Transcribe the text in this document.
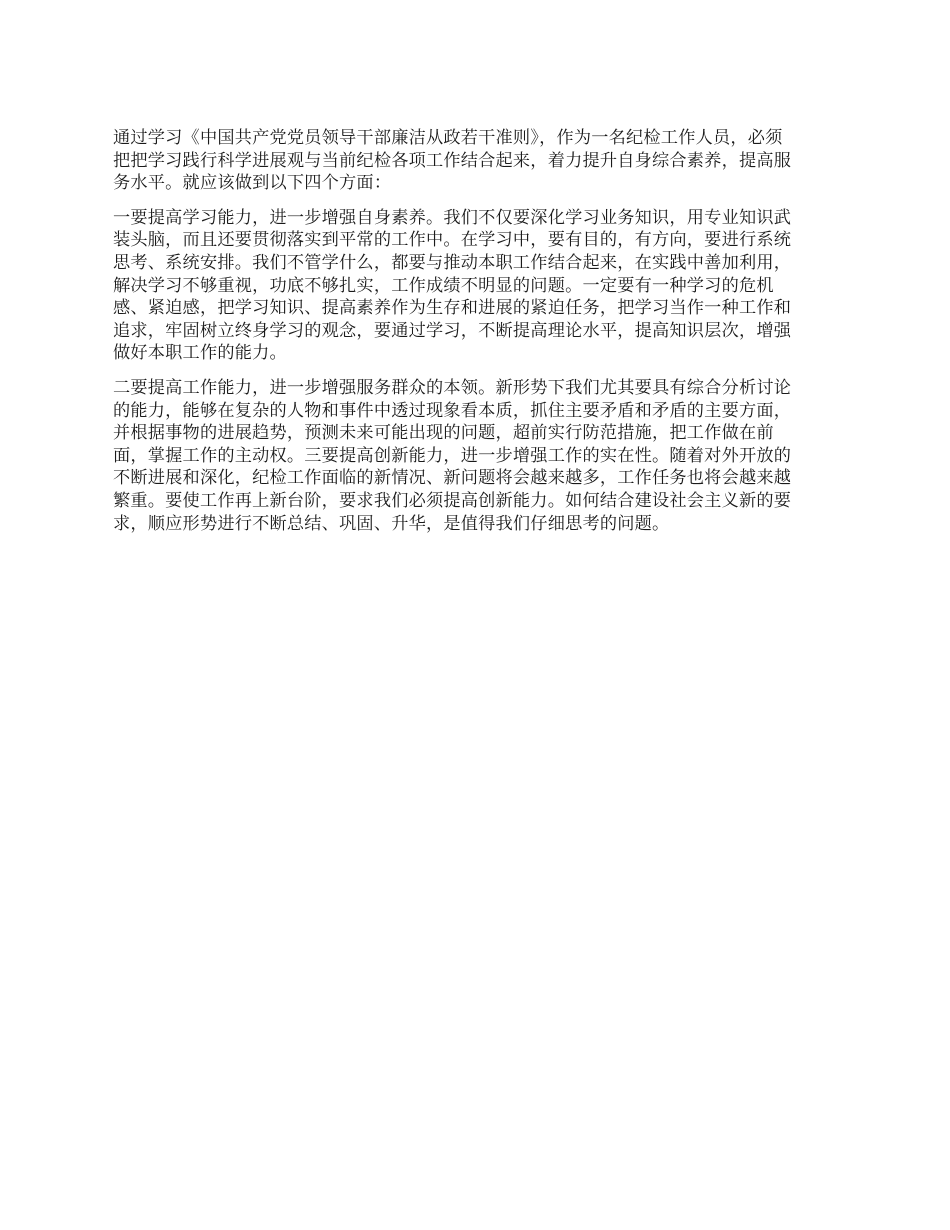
通过学习《中国共产党党员领导干部廉洁从政若干准则》，作为一名纪检工作人员，必须
把把学习践行科学进展观与当前纪检各项工作结合起来，着力提升自身综合素养，提高服
务水平。就应该做到以下四个方面：

一要提高学习能力，进一步增强自身素养。我们不仅要深化学习业务知识，用专业知识武
装头脑，而且还要贯彻落实到平常的工作中。在学习中，要有目的，有方向，要进行系统
思考、系统安排。我们不管学什么，都要与推动本职工作结合起来，在实践中善加利用，
解决学习不够重视，功底不够扎实，工作成绩不明显的问题。一定要有一种学习的危机
感、紧迫感，把学习知识、提高素养作为生存和进展的紧迫任务，把学习当作一种工作和
追求，牢固树立终身学习的观念，要通过学习，不断提高理论水平，提高知识层次，增强
做好本职工作的能力。

二要提高工作能力，进一步增强服务群众的本领。新形势下我们尤其要具有综合分析讨论
的能力，能够在复杂的人物和事件中透过现象看本质，抓住主要矛盾和矛盾的主要方面，
并根据事物的进展趋势，预测未来可能出现的问题，超前实行防范措施，把工作做在前
面，掌握工作的主动权。三要提高创新能力，进一步增强工作的实在性。随着对外开放的
不断进展和深化，纪检工作面临的新情况、新问题将会越来越多，工作任务也将会越来越
繁重。要使工作再上新台阶，要求我们必须提高创新能力。如何结合建设社会主义新的要
求，顺应形势进行不断总结、巩固、升华，是值得我们仔细思考的问题。
